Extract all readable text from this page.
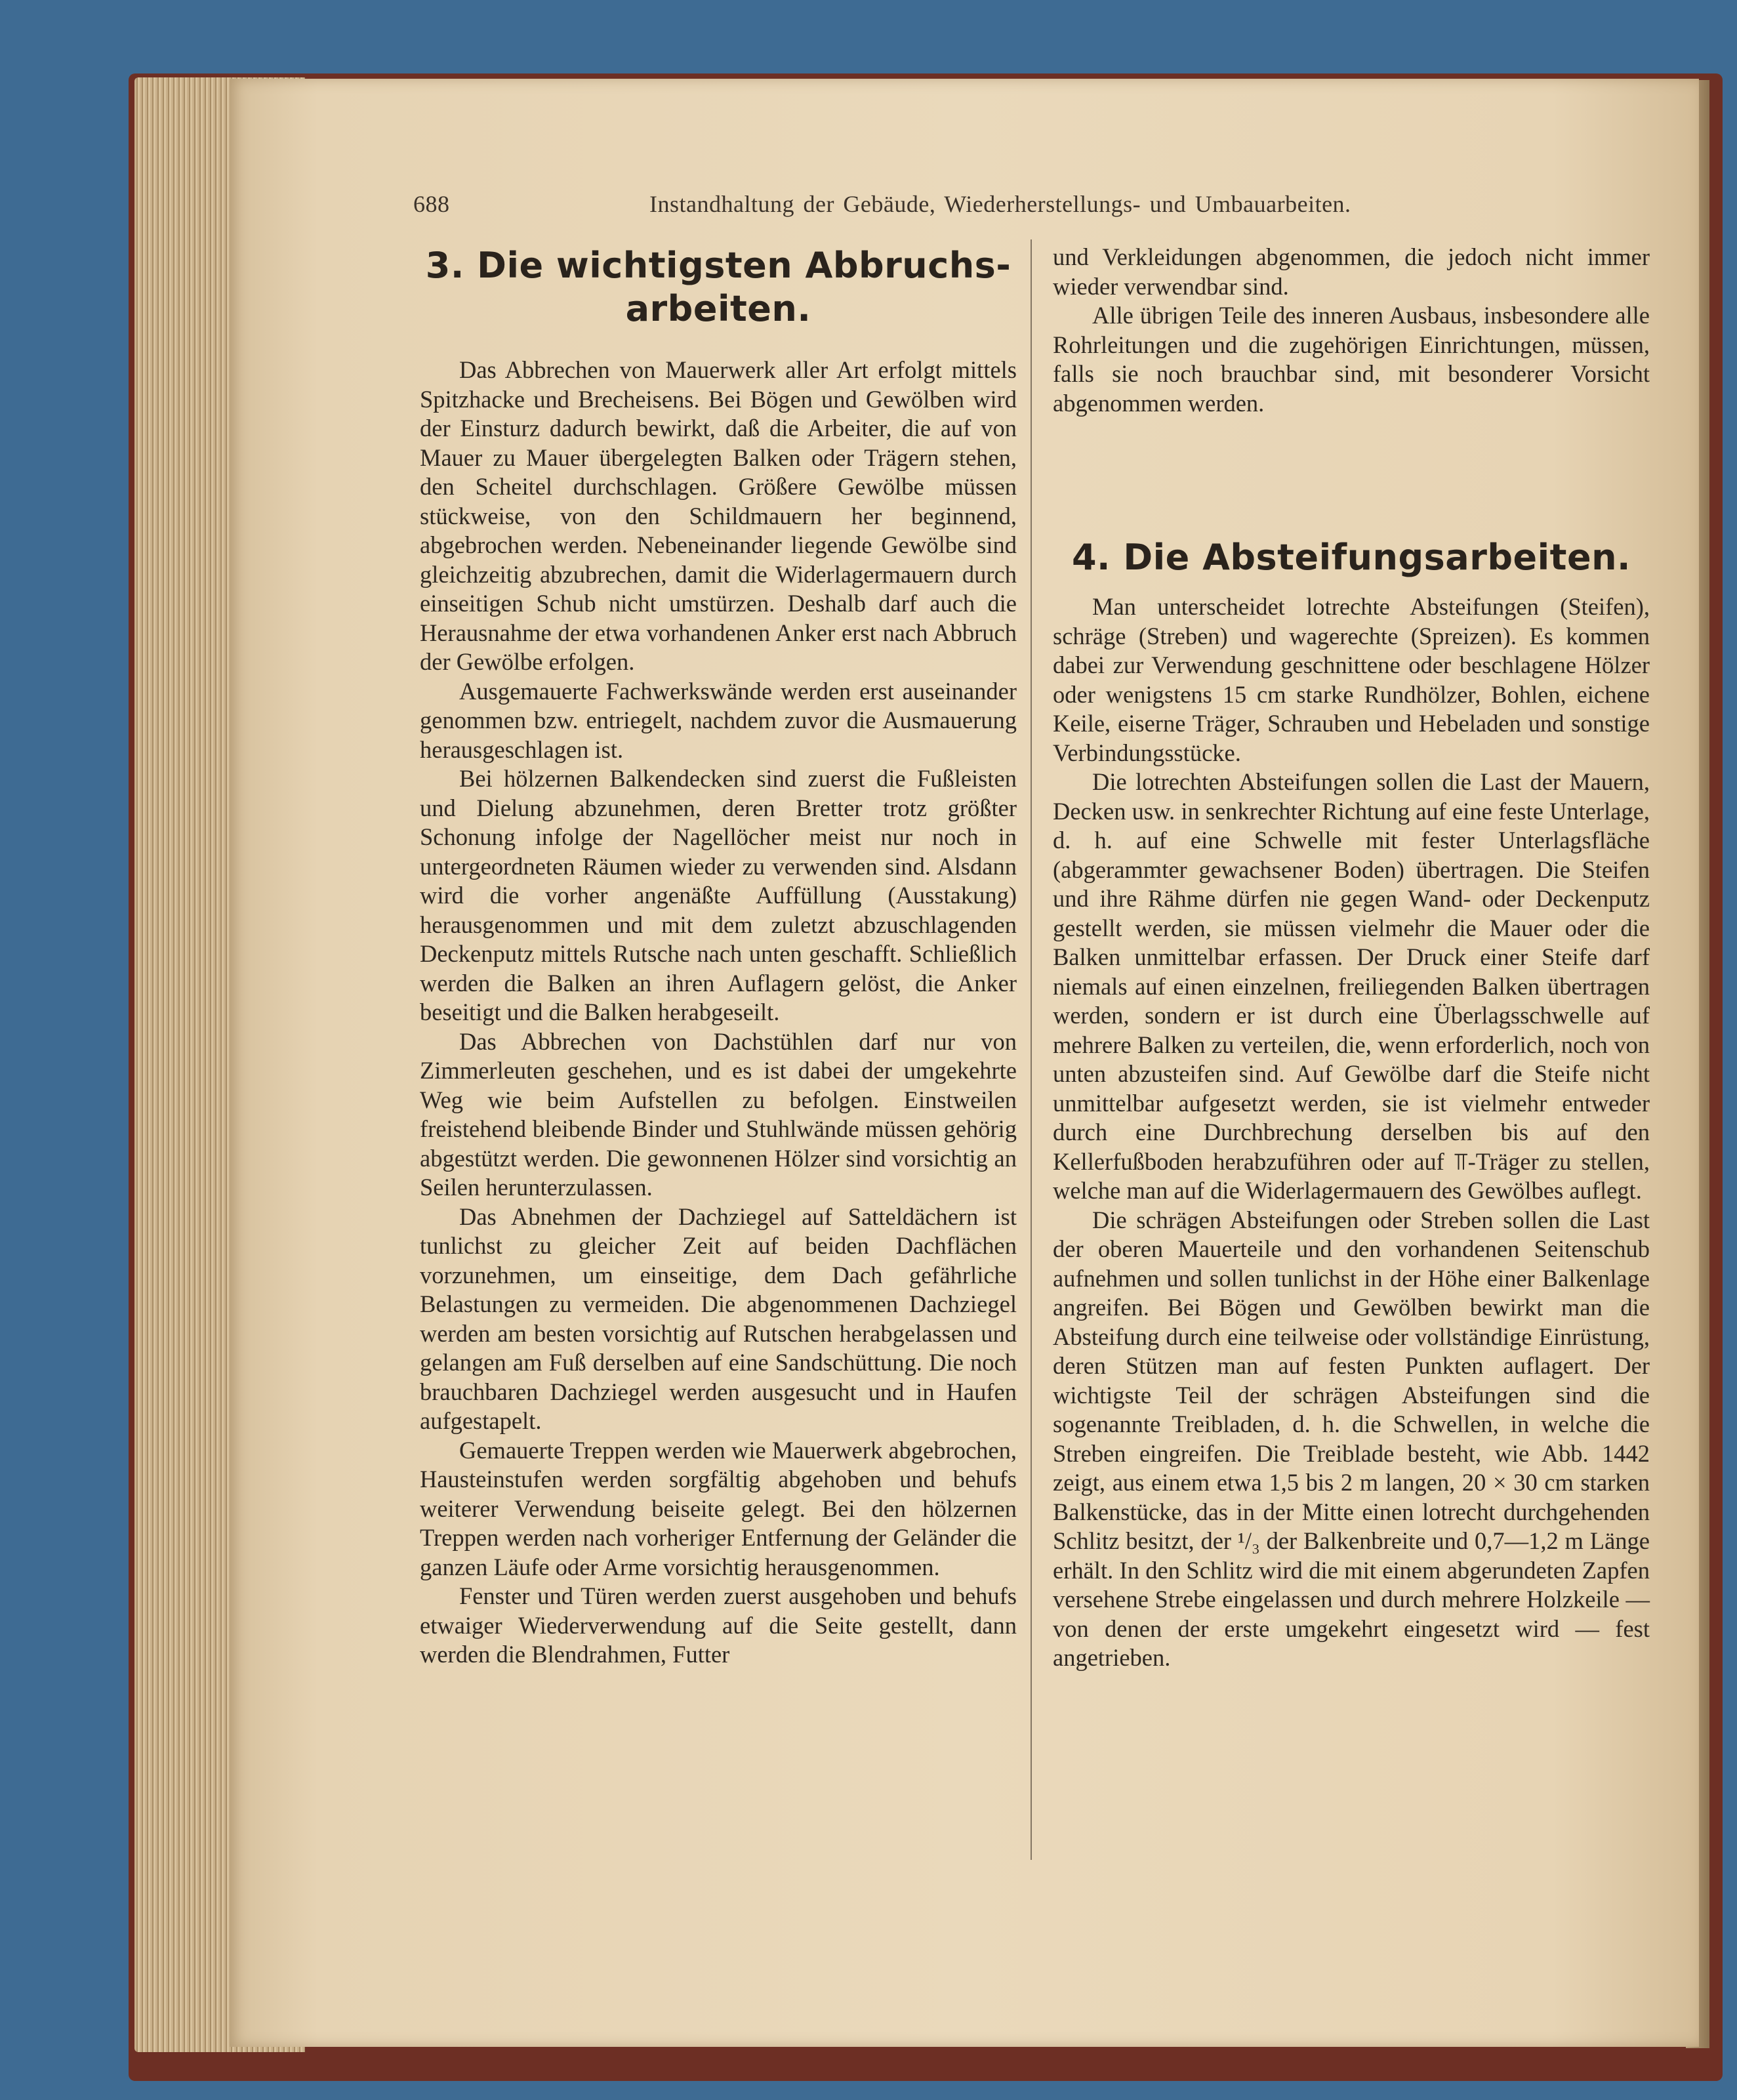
688	Instandhaltung der Gebäude, Wiederherstellungs- und Umbauarbeiten.
3. Die wichtigsten Abbruchs-arbeiten.

Das Abbrechen von Mauerwerk aller Art erfolgt mittels Spitzhacke und Brecheisens. Bei Bögen und Gewölben wird der Einsturz dadurch bewirkt, daß die Arbeiter, die auf von Mauer zu Mauer übergelegten Balken oder Trägern stehen, den Scheitel durchschlagen. Größere Gewölbe müssen stückweise, von den Schildmauern her beginnend, abgebrochen werden. Nebeneinander liegende Gewölbe sind gleichzeitig abzubrechen, damit die Widerlagermauern durch einseitigen Schub nicht umstürzen. Deshalb darf auch die Herausnahme der etwa vorhandenen Anker erst nach Abbruch der Gewölbe erfolgen.

Ausgemauerte Fachwerkswände werden erst auseinander genommen bzw. entriegelt, nachdem zuvor die Ausmauerung herausgeschlagen ist.

Bei hölzernen Balkendecken sind zuerst die Fußleisten und Dielung abzunehmen, deren Bretter trotz größter Schonung infolge der Nagellöcher meist nur noch in untergeordneten Räumen wieder zu verwenden sind. Alsdann wird die vorher angenäßte Auffüllung (Ausstakung) herausgenommen und mit dem zuletzt abzuschlagenden Deckenputz mittels Rutsche nach unten geschafft. Schließlich werden die Balken an ihren Auflagern gelöst, die Anker beseitigt und die Balken herabgeseilt.

Das Abbrechen von Dachstühlen darf nur von Zimmerleuten geschehen, und es ist dabei der umgekehrte Weg wie beim Aufstellen zu befolgen. Einstweilen freistehend bleibende Binder und Stuhlwände müssen gehörig abgestützt werden. Die gewonnenen Hölzer sind vorsichtig an Seilen herunterzulassen.

Das Abnehmen der Dachziegel auf Satteldächern ist tunlichst zu gleicher Zeit auf beiden Dachflächen vorzunehmen, um einseitige, dem Dach gefährliche Belastungen zu vermeiden. Die abgenommenen Dachziegel werden am besten vorsichtig auf Rutschen herabgelassen und gelangen am Fuß derselben auf eine Sandschüttung. Die noch brauchbaren Dachziegel werden ausgesucht und in Haufen aufgestapelt.

Gemauerte Treppen werden wie Mauerwerk abgebrochen, Hausteinstufen werden sorgfältig abgehoben und behufs weiterer Verwendung beiseite gelegt. Bei den hölzernen Treppen werden nach vorheriger Entfernung der Geländer die ganzen Läufe oder Arme vorsichtig herausgenommen.

Fenster und Türen werden zuerst ausgehoben und behufs etwaiger Wiederverwendung auf die Seite gestellt, dann werden die Blendrahmen, Futter

und Verkleidungen abgenommen, die jedoch nicht immer wieder verwendbar sind.

Alle übrigen Teile des inneren Ausbaus, insbesondere alle Rohrleitungen und die zugehörigen Einrichtungen, müssen, falls sie noch brauchbar sind, mit besonderer Vorsicht abgenommen werden.

4. Die Absteifungsarbeiten.

Man unterscheidet lotrechte Absteifungen (Steifen), schräge (Streben) und wagerechte (Spreizen). Es kommen dabei zur Verwendung geschnittene oder beschlagene Hölzer oder wenigstens 15 cm starke Rundhölzer, Bohlen, eichene Keile, eiserne Träger, Schrauben und Hebeladen und sonstige Verbindungsstücke.

Die lotrechten Absteifungen sollen die Last der Mauern, Decken usw. in senkrechter Richtung auf eine feste Unterlage, d. h. auf eine Schwelle mit fester Unterlagsfläche (abgerammter gewachsener Boden) übertragen. Die Steifen und ihre Rähme dürfen nie gegen Wand- oder Deckenputz gestellt werden, sie müssen vielmehr die Mauer oder die Balken unmittelbar erfassen. Der Druck einer Steife darf niemals auf einen einzelnen, freiliegenden Balken übertragen werden, sondern er ist durch eine Überlagsschwelle auf mehrere Balken zu verteilen, die, wenn erforderlich, noch von unten abzusteifen sind. Auf Gewölbe darf die Steife nicht unmittelbar aufgesetzt werden, sie ist vielmehr entweder durch eine Durchbrechung derselben bis auf den Kellerfußboden herabzuführen oder auf ⫪-Träger zu stellen, welche man auf die Widerlagermauern des Gewölbes auflegt.

Die schrägen Absteifungen oder Streben sollen die Last der oberen Mauerteile und den vorhandenen Seitenschub aufnehmen und sollen tunlichst in der Höhe einer Balkenlage angreifen. Bei Bögen und Gewölben bewirkt man die Absteifung durch eine teilweise oder vollständige Einrüstung, deren Stützen man auf festen Punkten auflagert. Der wichtigste Teil der schrägen Absteifungen sind die sogenannte Treibladen, d. h. die Schwellen, in welche die Streben eingreifen. Die Treiblade besteht, wie Abb. 1442 zeigt, aus einem etwa 1,5 bis 2 m langen, 20 × 30 cm starken Balkenstücke, das in der Mitte einen lotrecht durchgehenden Schlitz besitzt, der ¹/₃ der Balkenbreite und 0,7—1,2 m Länge erhält. In den Schlitz wird die mit einem abgerundeten Zapfen versehene Strebe eingelassen und durch mehrere Holzkeile — von denen der erste umgekehrt eingesetzt wird — fest angetrieben.
